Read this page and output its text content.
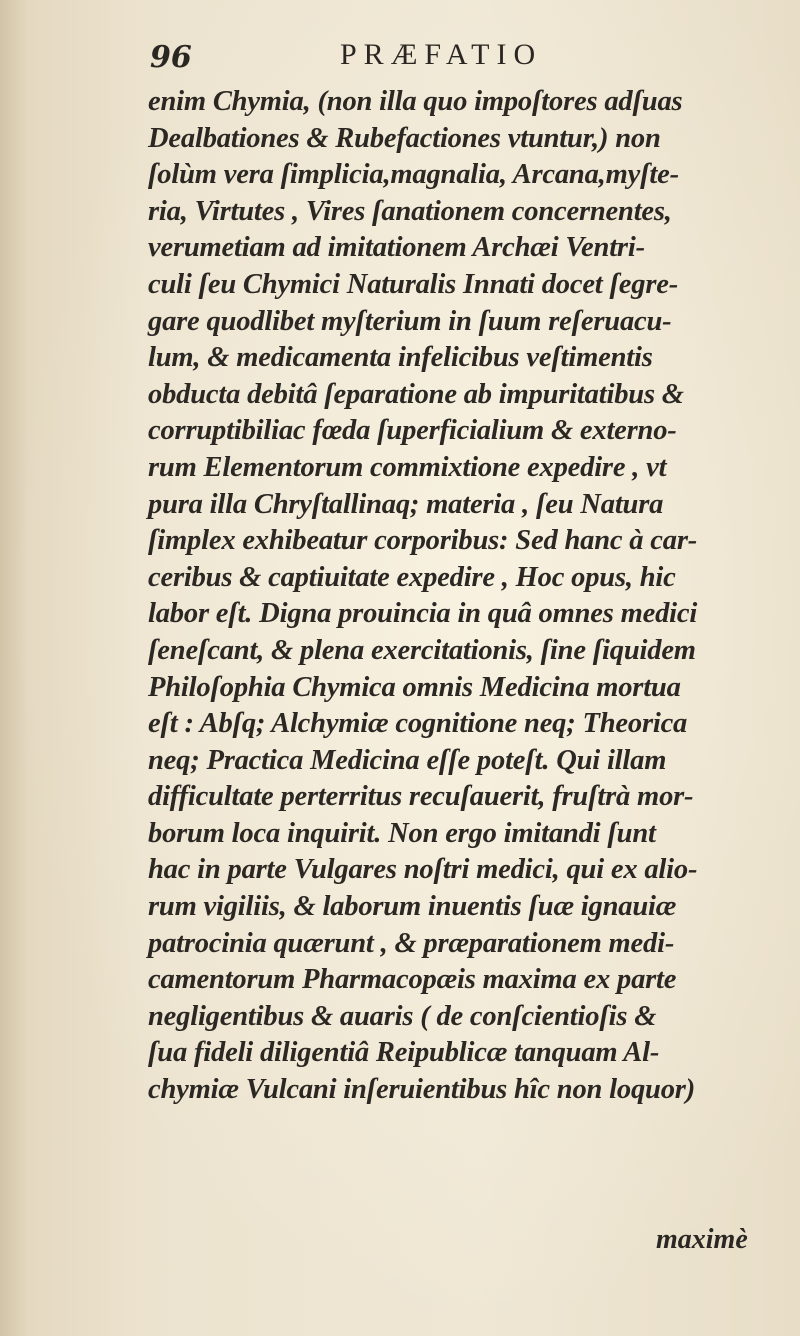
96	PRÆFATIO
enim Chymia, (non illa quo impoſtores adſuas
Dealbationes & Rubefactiones vtuntur,) non
ſolùm vera ſimplicia,magnalia, Arcana,myſte-
ria, Virtutes , Vires ſanationem concernentes,
verumetiam ad imitationem Archæi Ventri-
culi ſeu Chymici Naturalis Innati docet ſegre-
gare quodlibet myſterium in ſuum reſeruacu-
lum, & medicamenta infelicibus veſtimentis
obducta debitâ ſeparatione ab impuritatibus &
corruptibiliac fœda ſuperficialium & externo-
rum Elementorum commixtione expedire , vt
pura illa Chryſtallinaq; materia , ſeu Natura
ſimplex exhibeatur corporibus: Sed hanc à car-
ceribus & captiuitate expedire , Hoc opus, hic
labor eſt. Digna prouincia in quâ omnes medici
ſeneſcant, & plena exercitationis, ſine ſiquidem
Philoſophia Chymica omnis Medicina mortua
eſt : Abſq; Alchymiæ cognitione neq; Theorica
neq; Practica Medicina eſſe poteſt. Qui illam
difficultate perterritus recuſauerit, fruſtrà mor-
borum loca inquirit. Non ergo imitandi ſunt
hac in parte Vulgares noſtri medici, qui ex alio-
rum vigiliis, & laborum inuentis ſuæ ignauiæ
patrocinia quærunt , & præparationem medi-
camentorum Pharmacopæis maxima ex parte
negligentibus & auaris ( de conſcientioſis &
ſua fideli diligentiâ Reipublicæ tanquam Al-
chymiæ Vulcani inſeruientibus hîc non loquor)
maximè
